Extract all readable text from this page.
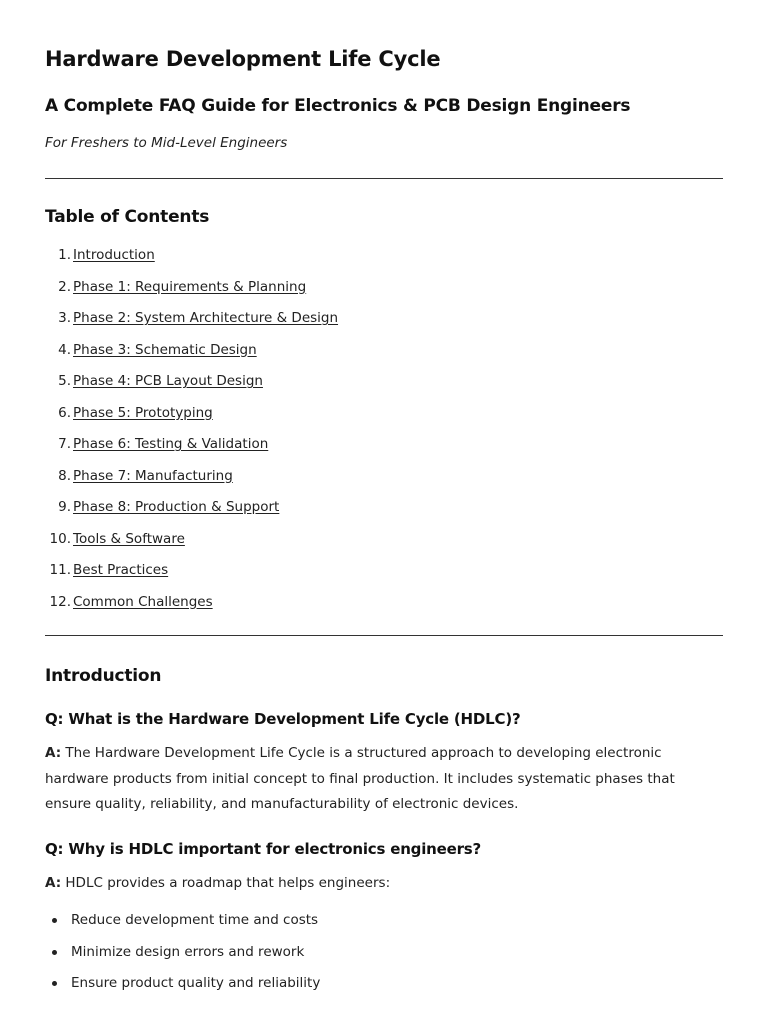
Hardware Development Life Cycle
A Complete FAQ Guide for Electronics & PCB Design Engineers
For Freshers to Mid-Level Engineers
Table of Contents
1. Introduction
2. Phase 1: Requirements & Planning
3. Phase 2: System Architecture & Design
4. Phase 3: Schematic Design
5. Phase 4: PCB Layout Design
6. Phase 5: Prototyping
7. Phase 6: Testing & Validation
8. Phase 7: Manufacturing
9. Phase 8: Production & Support
10. Tools & Software
11. Best Practices
12. Common Challenges
Introduction
Q: What is the Hardware Development Life Cycle (HDLC)?

A: The Hardware Development Life Cycle is a structured approach to developing electronic hardware products from initial concept to final production. It includes systematic phases that ensure quality, reliability, and manufacturability of electronic devices.

Q: Why is HDLC important for electronics engineers?

A: HDLC provides a roadmap that helps engineers:

Reduce development time and costs
Minimize design errors and rework
Ensure product quality and reliability
